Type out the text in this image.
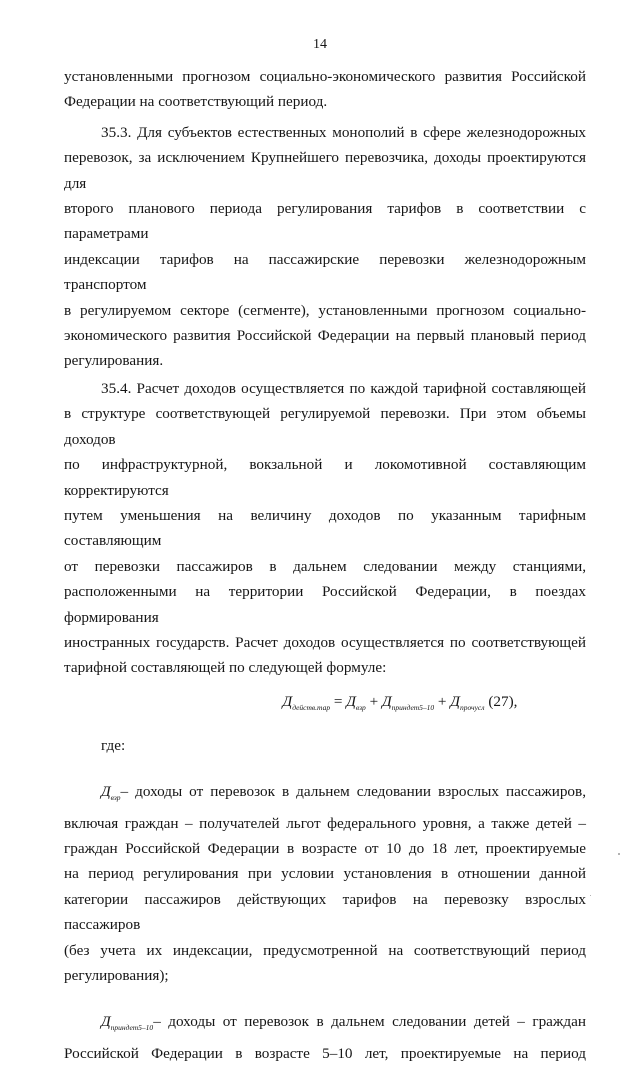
14
установленными прогнозом социально-экономического развития Российской
Федерации на соответствующий период.
35.3. Для субъектов естественных монополий в сфере железнодорожных
перевозок, за исключением Крупнейшего перевозчика, доходы проектируются для
второго планового периода регулирования тарифов в соответствии с параметрами
индексации тарифов на пассажирские перевозки железнодорожным транспортом
в регулируемом секторе (сегменте), установленными прогнозом социально-
экономического развития Российской Федерации на первый плановый период
регулирования.
35.4. Расчет доходов осуществляется по каждой тарифной составляющей
в структуре соответствующей регулируемой перевозки. При этом объемы доходов
по инфраструктурной, вокзальной и локомотивной составляющим корректируются
путем уменьшения на величину доходов по указанным тарифным составляющим
от перевозки пассажиров в дальнем следовании между станциями,
расположенными на территории Российской Федерации, в поездах формирования
иностранных государств. Расчет доходов осуществляется по соответствующей
тарифной составляющей по следующей формуле:
$Д_{действ.тар} = Д_{взр} + Д_{приндет5-10} + Д_{прочуcл}$ (27),
где:
$Д_{взр}-$ доходы от перевозок в дальнем следовании взрослых пассажиров,
включая граждан – получателей льгот федерального уровня, а также детей –
граждан Российской Федерации в возрасте от 10 до 18 лет, проектируемые
на период регулирования при условии установления в отношении данной
категории пассажиров действующих тарифов на перевозку взрослых пассажиров
(без учета их индексации, предусмотренной на соответствующий период
регулирования);
$Д_{приндет5-10}-$ доходы от перевозок в дальнем следовании детей – граждан
Российской Федерации в возрасте 5–10 лет, проектируемые на период
